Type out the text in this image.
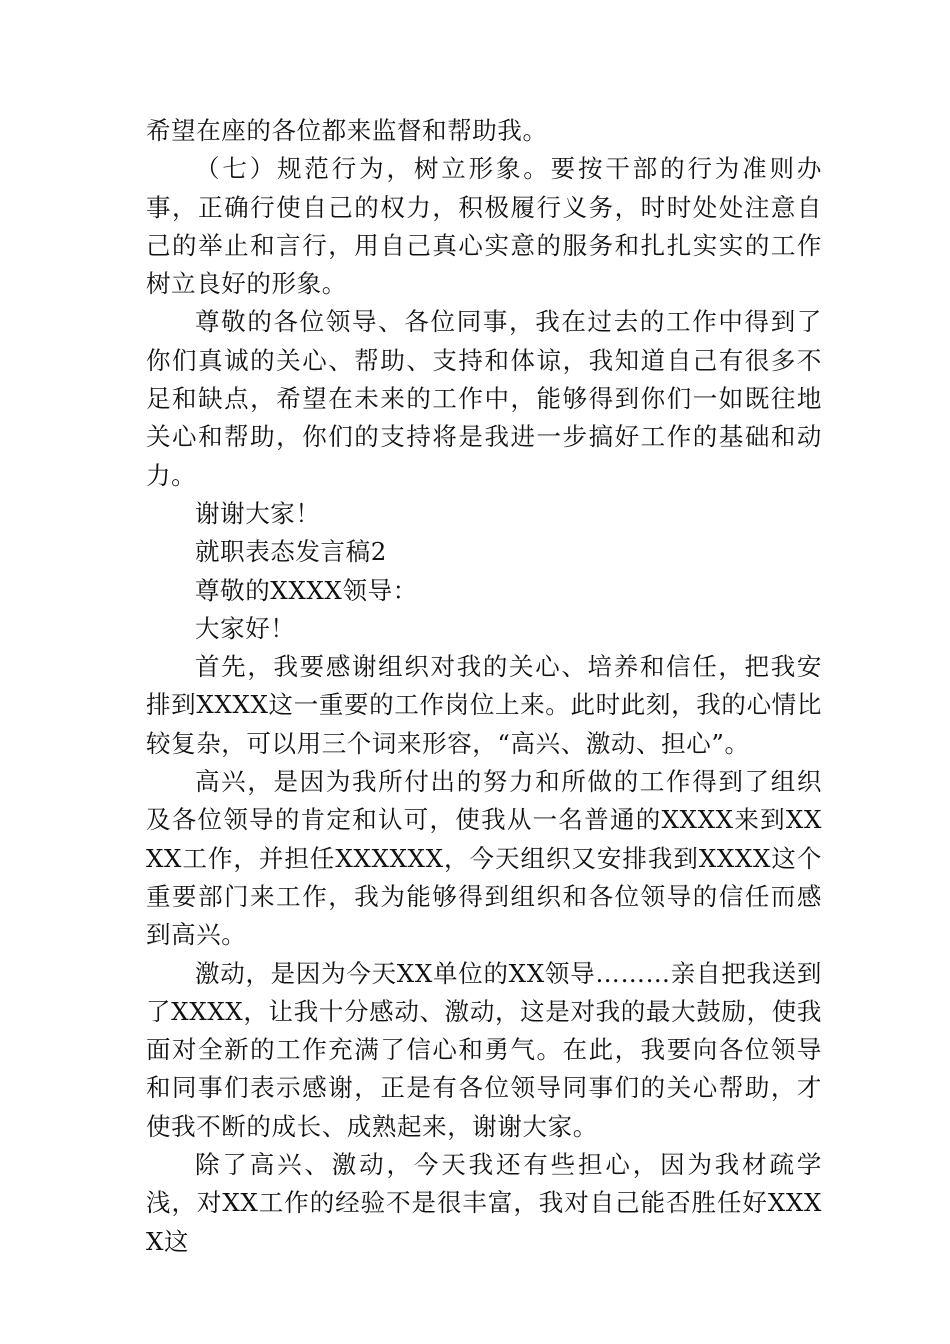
希望在座的各位都来监督和帮助我。

（七）规范行为，树立形象。要按干部的行为准则办事，正确行使自己的权力，积极履行义务，时时处处注意自己的举止和言行，用自己真心实意的服务和扎扎实实的工作树立良好的形象。

尊敬的各位领导、各位同事，我在过去的工作中得到了你们真诚的关心、帮助、支持和体谅，我知道自己有很多不足和缺点，希望在未来的工作中，能够得到你们一如既往地关心和帮助，你们的支持将是我进一步搞好工作的基础和动力。

谢谢大家！

就职表态发言稿2

尊敬的XXXX领导：

大家好！

首先，我要感谢组织对我的关心、培养和信任，把我安排到XXXX这一重要的工作岗位上来。此时此刻，我的心情比较复杂，可以用三个词来形容，“高兴、激动、担心”。

高兴，是因为我所付出的努力和所做的工作得到了组织及各位领导的肯定和认可，使我从一名普通的XXXX来到XXXX工作，并担任XXXXXX，今天组织又安排我到XXXX这个重要部门来工作，我为能够得到组织和各位领导的信任而感到高兴。

激动，是因为今天XX单位的XX领导………亲自把我送到了XXXX，让我十分感动、激动，这是对我的最大鼓励，使我面对全新的工作充满了信心和勇气。在此，我要向各位领导和同事们表示感谢，正是有各位领导同事们的关心帮助，才使我不断的成长、成熟起来，谢谢大家。

除了高兴、激动，今天我还有些担心，因为我材疏学浅，对XX工作的经验不是很丰富，我对自己能否胜任好XXXX这
